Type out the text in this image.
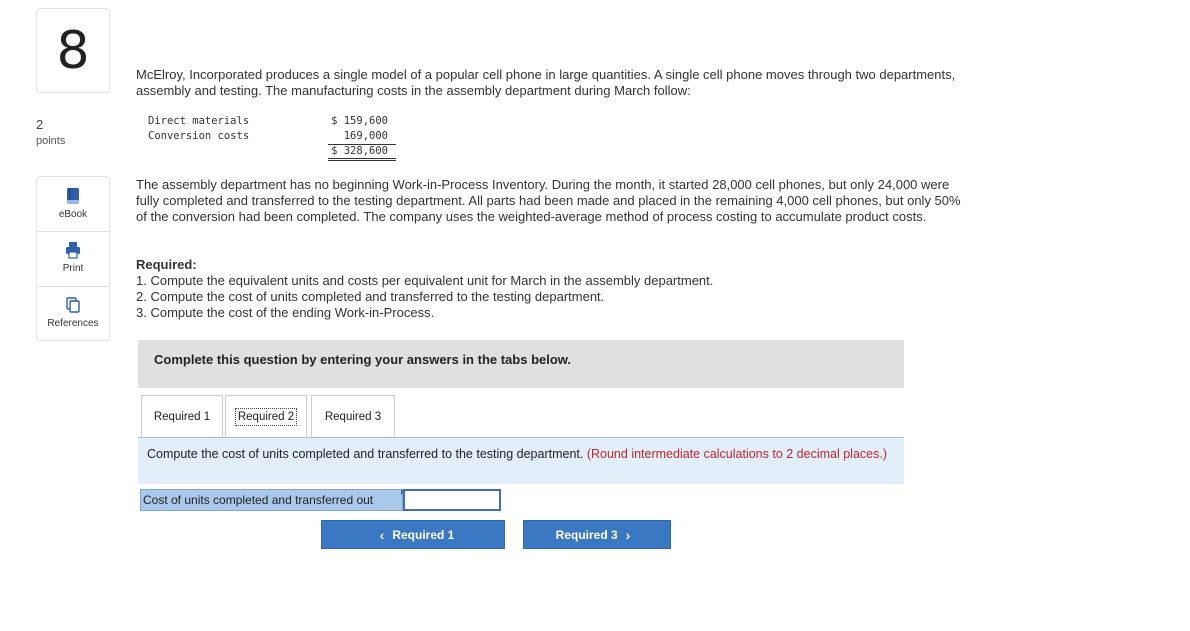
8
2
points
eBook
Print
References
McElroy, Incorporated produces a single model of a popular cell phone in large quantities. A single cell phone moves through two departments, assembly and testing. The manufacturing costs in the assembly department during March follow:
Direct materials	$ 159,600
Conversion costs	169,000
$ 328,600
The assembly department has no beginning Work-in-Process Inventory. During the month, it started 28,000 cell phones, but only 24,000 were fully completed and transferred to the testing department. All parts had been made and placed in the remaining 4,000 cell phones, but only 50% of the conversion had been completed. The company uses the weighted-average method of process costing to accumulate product costs.
Required:
1. Compute the equivalent units and costs per equivalent unit for March in the assembly department.
2. Compute the cost of units completed and transferred to the testing department.
3. Compute the cost of the ending Work-in-Process.
Complete this question by entering your answers in the tabs below.
Required 1 Required 2	Required 3
Compute the cost of units completed and transferred to the testing department. (Round intermediate calculations to 2 decimal places.)
Cost of units completed and transferred out
‹ Required 1	Required 3 ›
